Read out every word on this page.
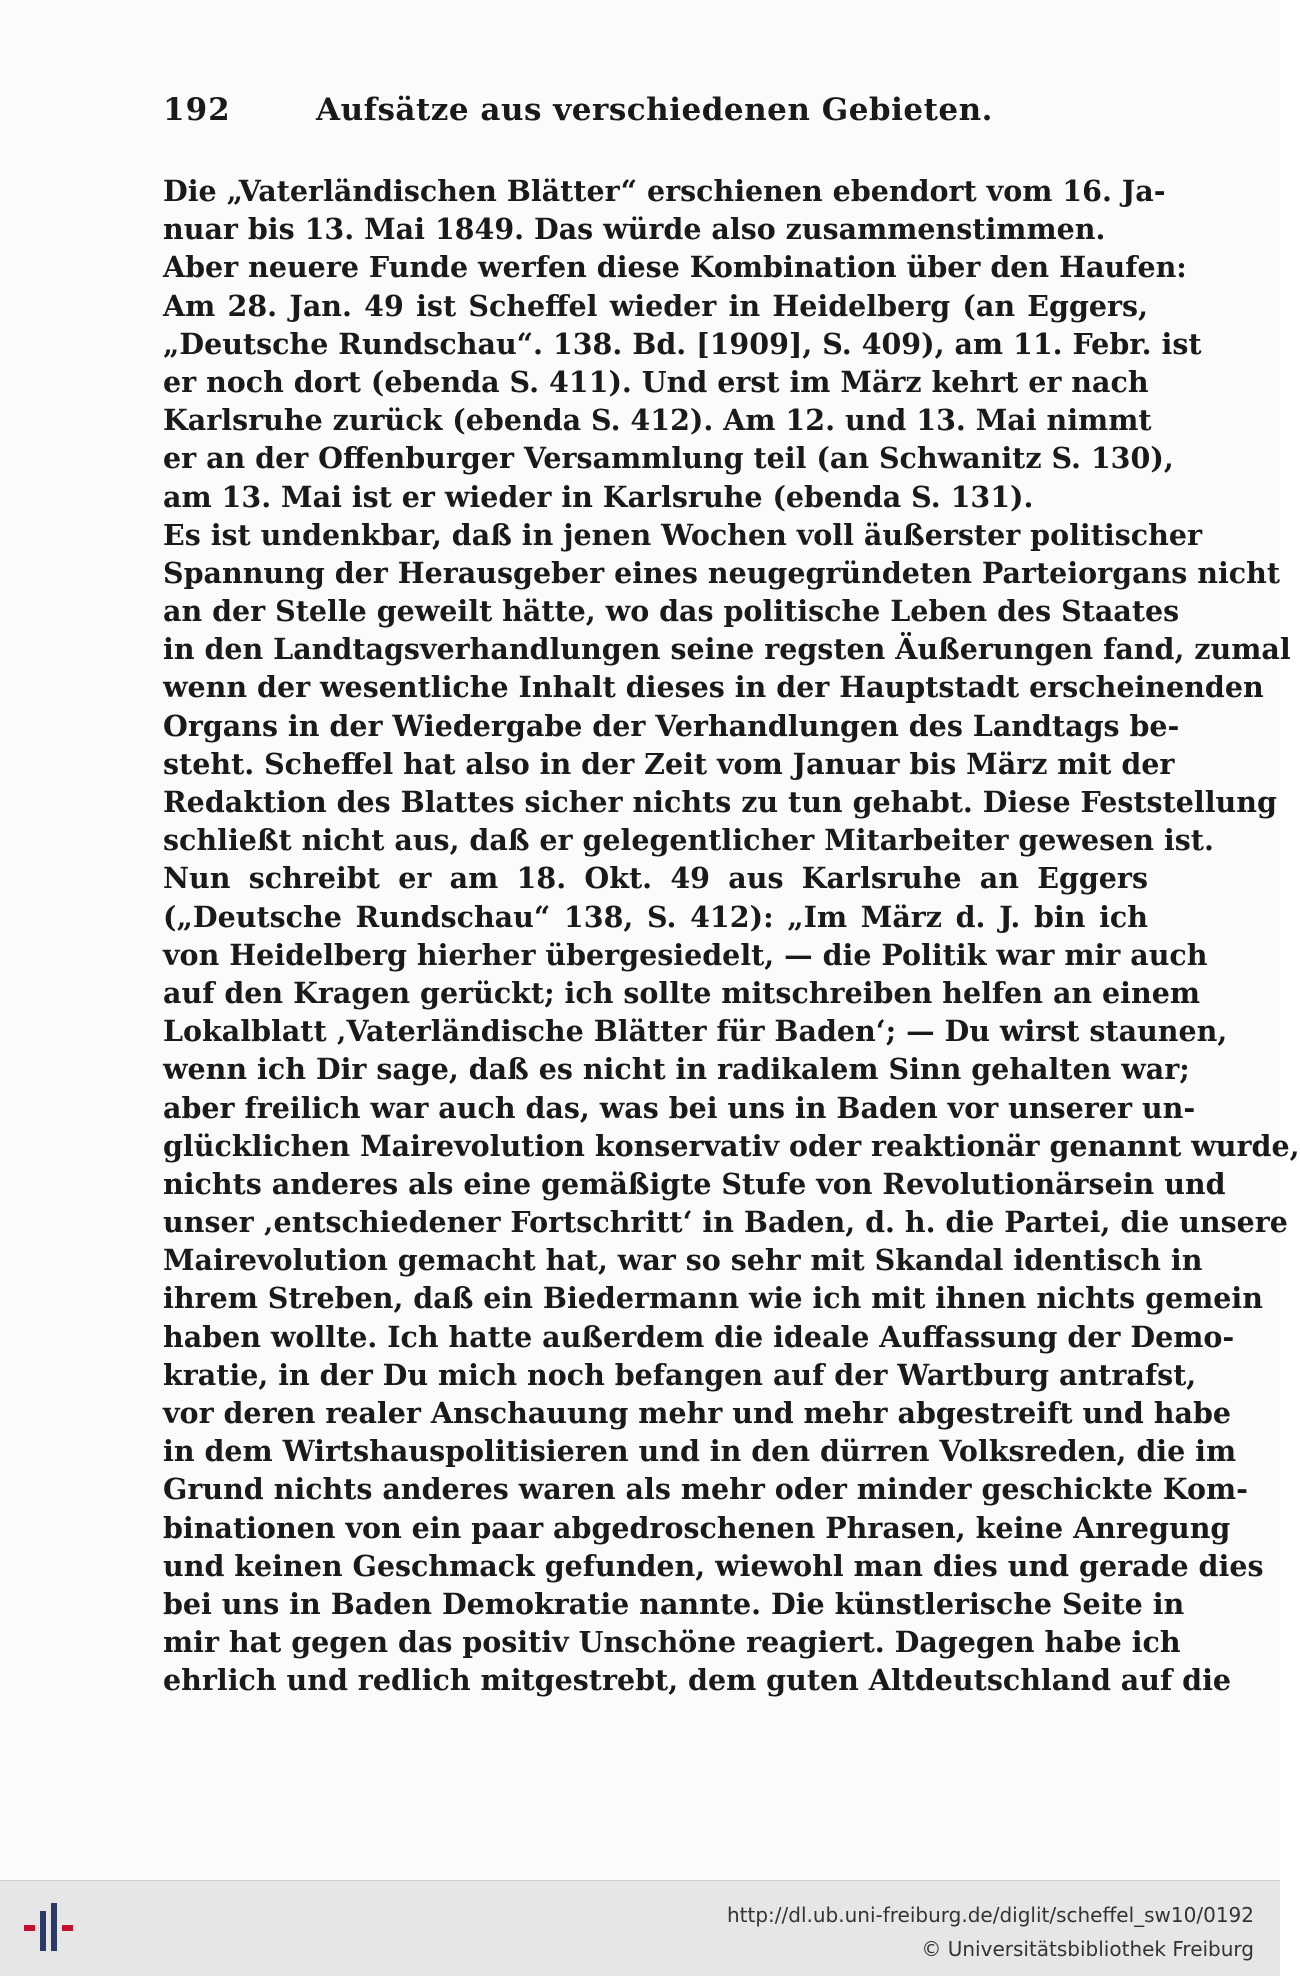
192	Aufsätze aus verschiedenen Gebieten.
Die „Vaterländischen Blätter“ erschienen ebendort vom 16. Ja-
nuar bis 13. Mai 1849. Das würde also zusammenstimmen.
Aber neuere Funde werfen diese Kombination über den Haufen:
Am 28. Jan. 49 ist Scheffel wieder in Heidelberg (an Eggers,
„Deutsche Rundschau“. 138. Bd. [1909], S. 409), am 11. Febr. ist
er noch dort (ebenda S. 411). Und erst im März kehrt er nach
Karlsruhe zurück (ebenda S. 412). Am 12. und 13. Mai nimmt
er an der Offenburger Versammlung teil (an Schwanitz S. 130),
am 13. Mai ist er wieder in Karlsruhe (ebenda S. 131).
Es ist undenkbar, daß in jenen Wochen voll äußerster politischer
Spannung der Herausgeber eines neugegründeten Parteiorgans nicht
an der Stelle geweilt hätte, wo das politische Leben des Staates
in den Landtagsverhandlungen seine regsten Äußerungen fand, zumal
wenn der wesentliche Inhalt dieses in der Hauptstadt erscheinenden
Organs in der Wiedergabe der Verhandlungen des Landtags be-
steht. Scheffel hat also in der Zeit vom Januar bis März mit der
Redaktion des Blattes sicher nichts zu tun gehabt. Diese Feststellung
schließt nicht aus, daß er gelegentlicher Mitarbeiter gewesen ist.
Nun schreibt er am 18. Okt. 49 aus Karlsruhe an Eggers
(„Deutsche Rundschau“ 138, S. 412): „Im März d. J. bin ich
von Heidelberg hierher übergesiedelt, — die Politik war mir auch
auf den Kragen gerückt; ich sollte mitschreiben helfen an einem
Lokalblatt ‚Vaterländische Blätter für Baden‘; — Du wirst staunen,
wenn ich Dir sage, daß es nicht in radikalem Sinn gehalten war;
aber freilich war auch das, was bei uns in Baden vor unserer un-
glücklichen Mairevolution konservativ oder reaktionär genannt wurde,
nichts anderes als eine gemäßigte Stufe von Revolutionärsein und
unser ‚entschiedener Fortschritt‘ in Baden, d. h. die Partei, die unsere
Mairevolution gemacht hat, war so sehr mit Skandal identisch in
ihrem Streben, daß ein Biedermann wie ich mit ihnen nichts gemein
haben wollte. Ich hatte außerdem die ideale Auffassung der Demo-
kratie, in der Du mich noch befangen auf der Wartburg antrafst,
vor deren realer Anschauung mehr und mehr abgestreift und habe
in dem Wirtshauspolitisieren und in den dürren Volksreden, die im
Grund nichts anderes waren als mehr oder minder geschickte Kom-
binationen von ein paar abgedroschenen Phrasen, keine Anregung
und keinen Geschmack gefunden, wiewohl man dies und gerade dies
bei uns in Baden Demokratie nannte. Die künstlerische Seite in
mir hat gegen das positiv Unschöne reagiert. Dagegen habe ich
ehrlich und redlich mitgestrebt, dem guten Altdeutschland auf die
http://dl.ub.uni-freiburg.de/diglit/scheffel_sw10/0192
© Universitätsbibliothek Freiburg
